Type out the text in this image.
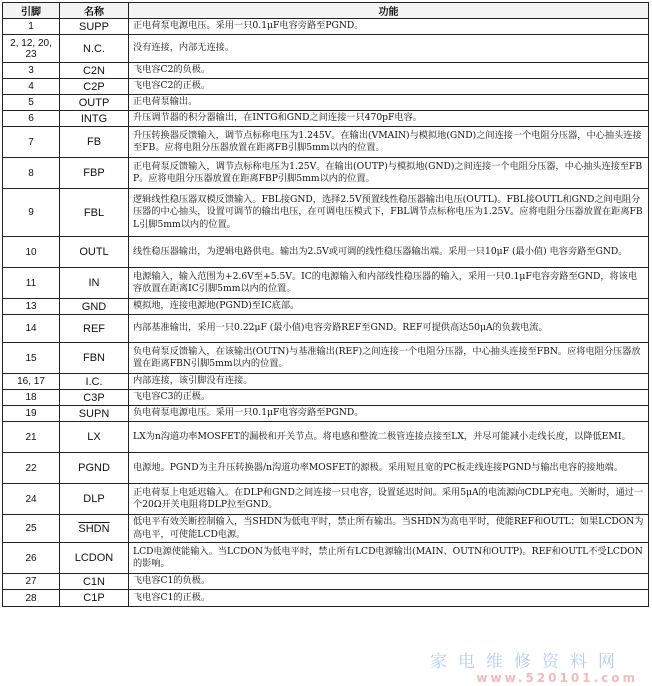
引脚	名称	功能
1	SUPP	正电荷泵电源电压。采用一只0.1μF电容旁路至PGND。
2, 12, 20, 23	N.C.	没有连接，内部无连接。
3	C2N	飞电容C2的负极。
4	C2P	飞电容C2的正极。
5	OUTP	正电荷泵输出。
6	INTG	升压调节器的积分器输出，在INTG和GND之间连接一只470pF电容。
7	FB	升压转换器反馈输入，调节点标称电压为1.245V。在输出(VMAIN)与模拟地(GND)之间连接一个电阻分压器，中心抽头连接至FB。应将电阻分压器放置在距离FB引脚5mm以内的位置。
8	FBP	正电荷泵反馈输入，调节点标称电压为1.25V。在输出(OUTP)与模拟地(GND)之间连接一个电阻分压器，中心抽头连接至FBP。应将电阻分压器放置在距离FBP引脚5mm以内的位置。
9	FBL	逻辑线性稳压器双模反馈输入。FBL接GND，选择2.5V预置线性稳压器输出电压(OUTL)。FBL接OUTL和GND之间电阻分压器的中心抽头，设置可调节的输出电压，在可调电压模式下，FBL调节点标称电压为1.25V。应将电阻分压器放置在距离FBL引脚5mm以内的位置。
10	OUTL	线性稳压器输出，为逻辑电路供电。输出为2.5V或可调的线性稳压器输出端。采用一只10μF (最小值) 电容旁路至GND。
11	IN	电源输入，输入范围为+2.6V至+5.5V。IC的电源输入和内部线性稳压器的输入，采用一只0.1μF电容旁路至GND，将该电容放置在距离IC引脚5mm以内的位置。
13	GND	模拟地，连接电源地(PGND)至IC底部。
14	REF	内部基准输出，采用一只0.22μF (最小值)电容旁路REF至GND。REF可提供高达50μA的负载电流。
15	FBN	负电荷泵反馈输入，在该输出(OUTN)与基准输出(REF)之间连接一个电阻分压器，中心抽头连接至FBN。应将电阻分压器放置在距离FBN引脚5mm以内的位置。
16, 17	I.C.	内部连接，该引脚没有连接。
18	C3P	飞电容C3的正极。
19	SUPN	负电荷泵电源电压。采用一只0.1μF电容旁路至PGND。
21	LX	LX为n沟道功率MOSFET的漏极和开关节点。将电感和整流二极管连接点接至LX，并尽可能减小走线长度，以降低EMI。
22	PGND	电源地。PGND为主升压转换器/n沟道功率MOSFET的源极。采用短且宽的PC板走线连接PGND与输出电容的接地端。
24	DLP	正电荷泵上电延迟输入。在DLP和GND之间连接一只电容，设置延迟时间。采用5μA的电流源向CDLP充电。关断时，通过一个20Ω开关电阻将DLP拉至GND。
25	SHDN	低电平有效关断控制输入，当SHDN为低电平时，禁止所有输出。当SHDN为高电平时，使能REF和OUTL；如果LCDON为高电平，可使能LCD电源。
26	LCDON	LCD电源使能输入。当LCDON为低电平时，禁止所有LCD电源输出(MAIN、OUTN和OUTP)。REF和OUTL不受LCDON的影响。
27	C1N	飞电容C1的负极。
28	C1P	飞电容C1的正极。
家电维修资料网
www.520101.com
